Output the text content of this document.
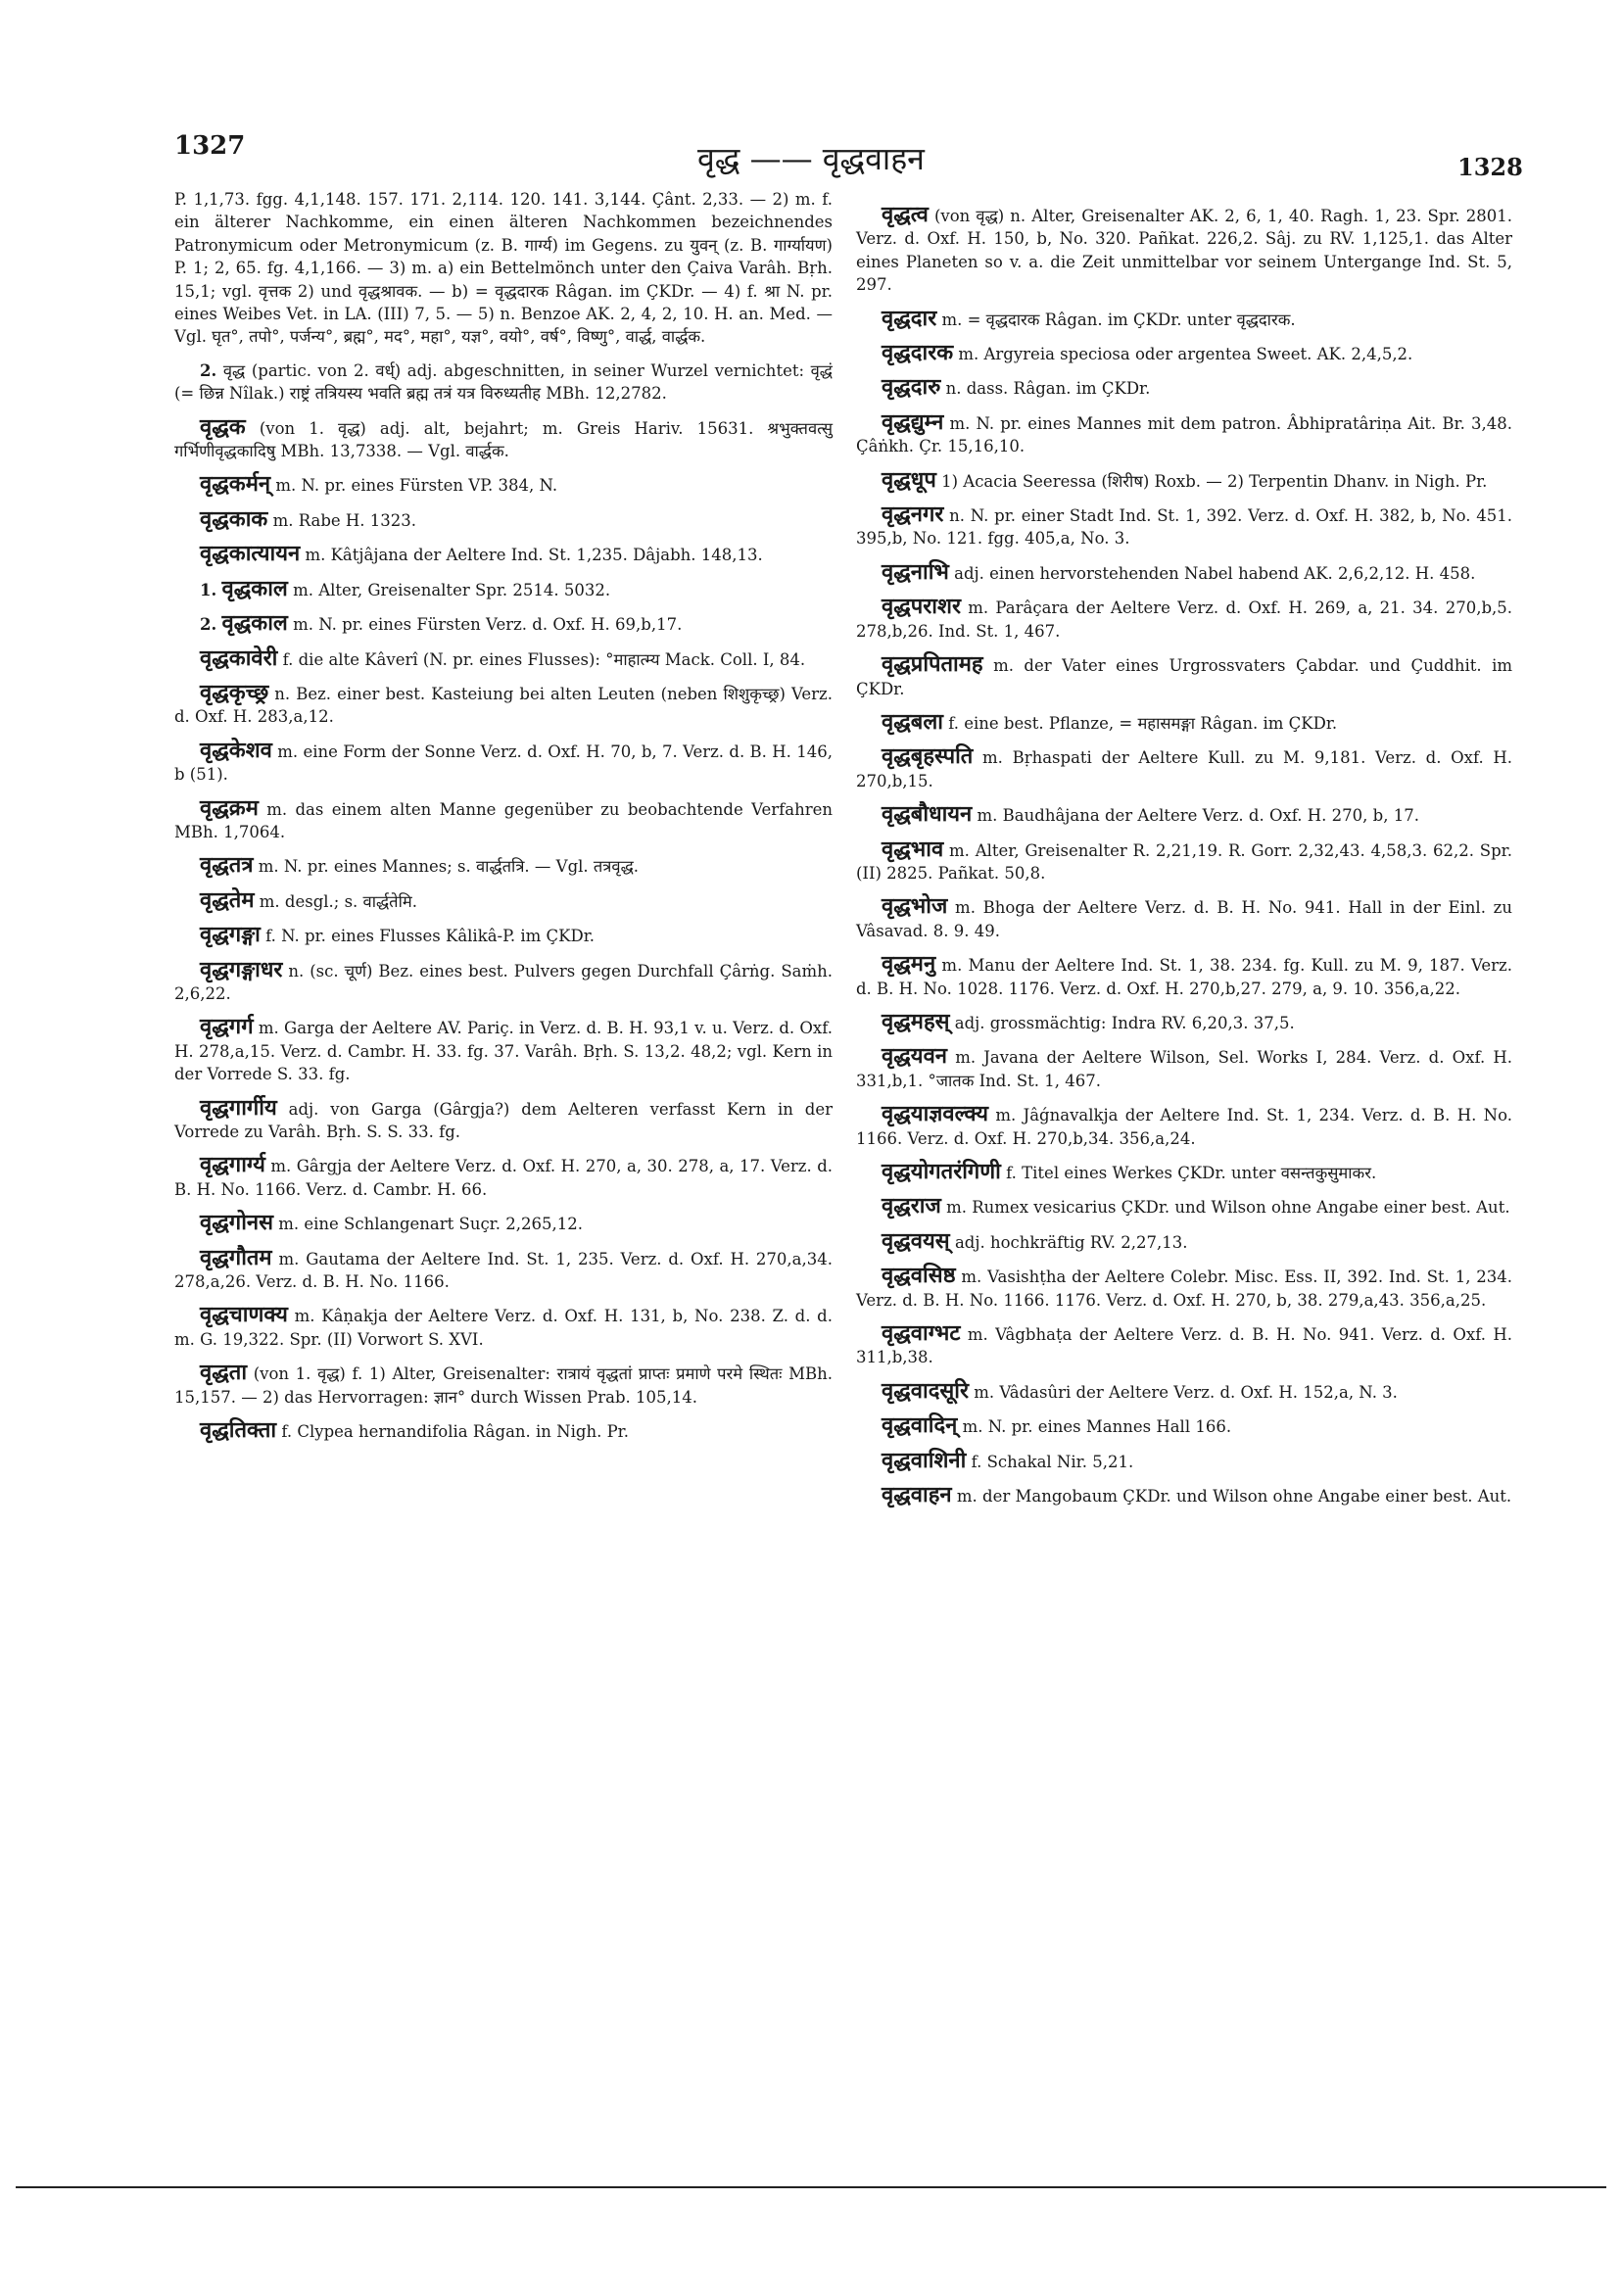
1327	वृद्ध —— वृद्धवाहन	1328

P. 1,1,73. fgg. 4,1,148. 157. 171. 2,114. 120. 141. 3,144. Çânt. 2,33. — 2) m. f. ein älterer Nachkomme, ein einen älteren Nachkommen bezeichnendes Patronymicum oder Metronymicum (z. B. गार्ग्य) im Gegens. zu युवन् (z. B. गार्ग्यायण) P. 1; 2, 65. fg. 4,1,166. — 3) m. a) ein Bettelmönch unter den Çaiva Varâh. Bṛh. 15,1; vgl. वृत्तक 2) und वृद्धश्रावक. — b) = वृद्धदारक Râgan. im ÇKDr. — 4) f. श्रा N. pr. eines Weibes Vet. in LA. (III) 7, 5. — 5) n. Benzoe AK. 2, 4, 2, 10. H. an. Med. — Vgl. घृत°, तपो°, पर्जन्य°, ब्रह्म°, मद°, महा°, यज्ञ°, वयो°, वर्ष°, विष्णु°, वार्द्ध, वार्द्धक.

2. वृद्ध (partic. von 2. वर्ध्) adj. abgeschnitten, in seiner Wurzel vernichtet: वृद्धं (= छिन्न Nîlak.) राष्ट्रं तत्रियस्य भवति ब्रह्म तत्रं यत्र विरुध्यतीह MBh. 12,2782.

वृद्धक (von 1. वृद्ध) adj. alt, bejahrt; m. Greis Hariv. 15631. श्रभुक्तवत्सु गर्भिणीवृद्धकादिषु MBh. 13,7338. — Vgl. वार्द्धक.

वृद्धकर्मन् m. N. pr. eines Fürsten VP. 384, N.

वृद्धकाक m. Rabe H. 1323.

वृद्धकात्यायन m. Kâtjâjana der Aeltere Ind. St. 1,235. Dâjabh. 148,13.

1. वृद्धकाल m. Alter, Greisenalter Spr. 2514. 5032.

2. वृद्धकाल m. N. pr. eines Fürsten Verz. d. Oxf. H. 69,b,17.

वृद्धकावेरी f. die alte Kâverî (N. pr. eines Flusses): °माहात्म्य Mack. Coll. I, 84.

वृद्धकृच्छ्र n. Bez. einer best. Kasteiung bei alten Leuten (neben शिशुकृच्छ्र) Verz. d. Oxf. H. 283,a,12.

वृद्धकेशव m. eine Form der Sonne Verz. d. Oxf. H. 70, b, 7. Verz. d. B. H. 146, b (51).

वृद्धक्रम m. das einem alten Manne gegenüber zu beobachtende Verfahren MBh. 1,7064.

वृद्धतत्र m. N. pr. eines Mannes; s. वार्द्धतत्रि. — Vgl. तत्रवृद्ध.

वृद्धतेम m. desgl.; s. वार्द्धतेमि.

वृद्धगङ्गा f. N. pr. eines Flusses Kâlikâ-P. im ÇKDr.

वृद्धगङ्गाधर n. (sc. चूर्ण) Bez. eines best. Pulvers gegen Durchfall Çârṅg. Saṁh. 2,6,22.

वृद्धगर्ग m. Garga der Aeltere AV. Pariç. in Verz. d. B. H. 93,1 v. u. Verz. d. Oxf. H. 278,a,15. Verz. d. Cambr. H. 33. fg. 37. Varâh. Bṛh. S. 13,2. 48,2; vgl. Kern in der Vorrede S. 33. fg.

वृद्धगार्गीय adj. von Garga (Gârgja?) dem Aelteren verfasst Kern in der Vorrede zu Varâh. Bṛh. S. S. 33. fg.

वृद्धगार्ग्य m. Gârgja der Aeltere Verz. d. Oxf. H. 270, a, 30. 278, a, 17. Verz. d. B. H. No. 1166. Verz. d. Cambr. H. 66.

वृद्धगोनस m. eine Schlangenart Suçr. 2,265,12.

वृद्धगौतम m. Gautama der Aeltere Ind. St. 1, 235. Verz. d. Oxf. H. 270,a,34. 278,a,26. Verz. d. B. H. No. 1166.

वृद्धचाणक्य m. Kâṇakja der Aeltere Verz. d. Oxf. H. 131, b, No. 238. Z. d. d. m. G. 19,322. Spr. (II) Vorwort S. XVI.

वृद्धता (von 1. वृद्ध) f. 1) Alter, Greisenalter: रात्रायं वृद्धतां प्राप्तः प्रमाणे परमे स्थितः MBh. 15,157. — 2) das Hervorragen: ज्ञान° durch Wissen Prab. 105,14.

वृद्धतिक्ता f. Clypea hernandifolia Râgan. in Nigh. Pr.

वृद्धत्व (von वृद्ध) n. Alter, Greisenalter AK. 2, 6, 1, 40. Ragh. 1, 23. Spr. 2801. Verz. d. Oxf. H. 150, b, No. 320. Pañkat. 226,2. Sâj. zu RV. 1,125,1. das Alter eines Planeten so v. a. die Zeit unmittelbar vor seinem Untergange Ind. St. 5, 297.

वृद्धदार m. = वृद्धदारक Râgan. im ÇKDr. unter वृद्धदारक.

वृद्धदारक m. Argyreia speciosa oder argentea Sweet. AK. 2,4,5,2.

वृद्धदारु n. dass. Râgan. im ÇKDr.

वृद्धद्युम्न m. N. pr. eines Mannes mit dem patron. Âbhipratâriṇa Ait. Br. 3,48. Çâṅkh. Çr. 15,16,10.

वृद्धधूप 1) Acacia Seeressa (शिरीष) Roxb. — 2) Terpentin Dhanv. in Nigh. Pr.

वृद्धनगर n. N. pr. einer Stadt Ind. St. 1, 392. Verz. d. Oxf. H. 382, b, No. 451. 395,b, No. 121. fgg. 405,a, No. 3.

वृद्धनाभि adj. einen hervorstehenden Nabel habend AK. 2,6,2,12. H. 458.

वृद्धपराशर m. Parâçara der Aeltere Verz. d. Oxf. H. 269, a, 21. 34. 270,b,5. 278,b,26. Ind. St. 1, 467.

वृद्धप्रपितामह m. der Vater eines Urgrossvaters Çabdar. und Çuddhit. im ÇKDr.

वृद्धबला f. eine best. Pflanze, = महासमङ्गा Râgan. im ÇKDr.

वृद्धबृहस्पति m. Bṛhaspati der Aeltere Kull. zu M. 9,181. Verz. d. Oxf. H. 270,b,15.

वृद्धबौधायन m. Baudhâjana der Aeltere Verz. d. Oxf. H. 270, b, 17.

वृद्धभाव m. Alter, Greisenalter R. 2,21,19. R. Gorr. 2,32,43. 4,58,3. 62,2. Spr. (II) 2825. Pañkat. 50,8.

वृद्धभोज m. Bhoga der Aeltere Verz. d. B. H. No. 941. Hall in der Einl. zu Vâsavad. 8. 9. 49.

वृद्धमनु m. Manu der Aeltere Ind. St. 1, 38. 234. fg. Kull. zu M. 9, 187. Verz. d. B. H. No. 1028. 1176. Verz. d. Oxf. H. 270,b,27. 279, a, 9. 10. 356,a,22.

वृद्धमहस् adj. grossmächtig: Indra RV. 6,20,3. 37,5.

वृद्धयवन m. Javana der Aeltere Wilson, Sel. Works I, 284. Verz. d. Oxf. H. 331,b,1. °जातक Ind. St. 1, 467.

वृद्धयाज्ञवल्क्य m. Jâǵnavalkja der Aeltere Ind. St. 1, 234. Verz. d. B. H. No. 1166. Verz. d. Oxf. H. 270,b,34. 356,a,24.

वृद्धयोगतरंगिणी f. Titel eines Werkes ÇKDr. unter वसन्तकुसुमाकर.

वृद्धराज m. Rumex vesicarius ÇKDr. und Wilson ohne Angabe einer best. Aut.

वृद्धवयस् adj. hochkräftig RV. 2,27,13.

वृद्धवसिष्ठ m. Vasishṭha der Aeltere Colebr. Misc. Ess. II, 392. Ind. St. 1, 234. Verz. d. B. H. No. 1166. 1176. Verz. d. Oxf. H. 270, b, 38. 279,a,43. 356,a,25.

वृद्धवाग्भट m. Vâgbhaṭa der Aeltere Verz. d. B. H. No. 941. Verz. d. Oxf. H. 311,b,38.

वृद्धवादसूरि m. Vâdasûri der Aeltere Verz. d. Oxf. H. 152,a, N. 3.

वृद्धवादिन् m. N. pr. eines Mannes Hall 166.

वृद्धवाशिनी f. Schakal Nir. 5,21.

वृद्धवाहन m. der Mangobaum ÇKDr. und Wilson ohne Angabe einer best. Aut.
